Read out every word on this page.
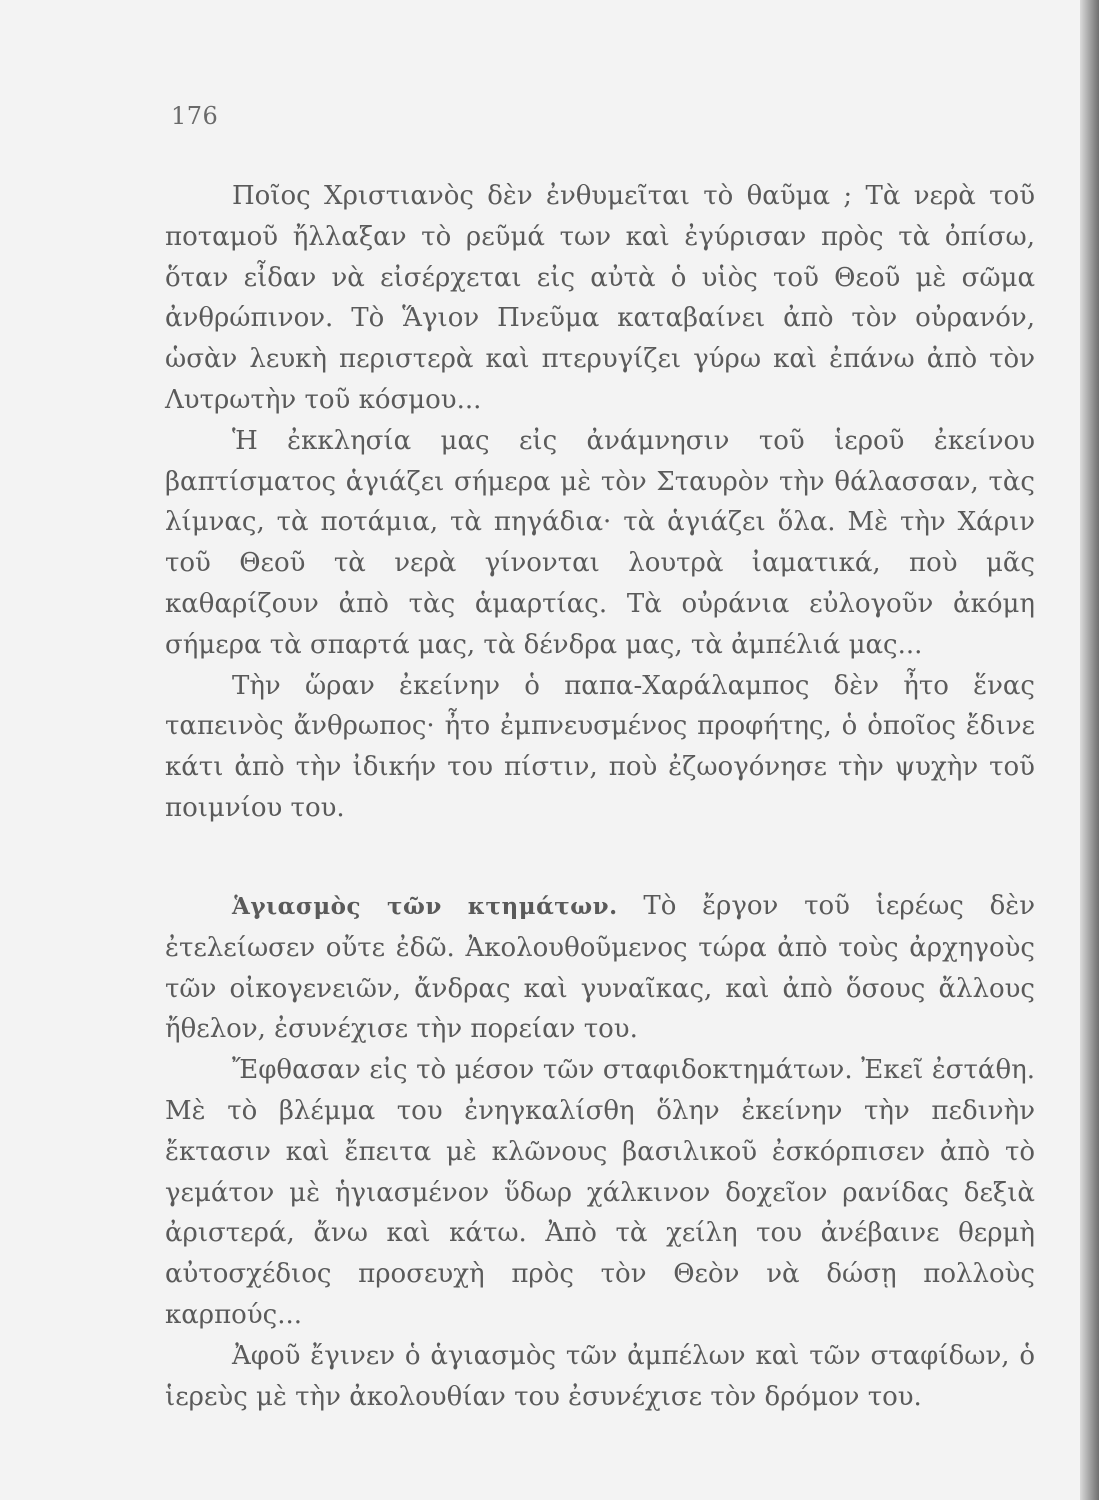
176

Ποῖος Χριστιανὸς δὲν ἐνθυμεῖται τὸ θαῦμα ; Τὰ νερὰ τοῦ ποταμοῦ ἤλλαξαν τὸ ρεῦμά των καὶ ἐγύρισαν πρὸς τὰ ὀπίσω, ὅταν εἶδαν νὰ εἰσέρχεται εἰς αὐτὰ ὁ υἱὸς τοῦ Θεοῦ μὲ σῶμα ἀνθρώπινον. Τὸ Ἅγιον Πνεῦμα καταβαίνει ἀπὸ τὸν οὐρανόν, ὡσὰν λευκὴ περιστερὰ καὶ πτερυγίζει γύρω καὶ ἐπάνω ἀπὸ τὸν Λυτρωτὴν τοῦ κόσμου...

Ἡ ἐκκλησία μας εἰς ἀνάμνησιν τοῦ ἱεροῦ ἐκείνου βαπτίσματος ἁγιάζει σήμερα μὲ τὸν Σταυρὸν τὴν θάλασσαν, τὰς λίμνας, τὰ ποτάμια, τὰ πηγάδια· τὰ ἁγιάζει ὅλα. Μὲ τὴν Χάριν τοῦ Θεοῦ τὰ νερὰ γίνονται λουτρὰ ἰαματικά, ποὺ μᾶς καθαρίζουν ἀπὸ τὰς ἁμαρτίας. Τὰ οὐράνια εὐλογοῦν ἀκόμη σήμερα τὰ σπαρτά μας, τὰ δένδρα μας, τὰ ἀμπέλιά μας...

Τὴν ὥραν ἐκείνην ὁ παπα-Χαράλαμπος δὲν ἦτο ἕνας ταπεινὸς ἄνθρωπος· ἦτο ἐμπνευσμένος προφήτης, ὁ ὁποῖος ἔδινε κάτι ἀπὸ τὴν ἰδικήν του πίστιν, ποὺ ἐζωογόνησε τὴν ψυχὴν τοῦ ποιμνίου του.

Ἁγιασμὸς τῶν κτημάτων. Τὸ ἔργον τοῦ ἱερέως δὲν ἐτελείωσεν οὔτε ἐδῶ. Ἀκολουθοῦμενος τώρα ἀπὸ τοὺς ἀρχηγοὺς τῶν οἰκογενειῶν, ἄνδρας καὶ γυναῖκας, καὶ ἀπὸ ὅσους ἄλλους ἤθελον, ἐσυνέχισε τὴν πορείαν του.

Ἔφθασαν εἰς τὸ μέσον τῶν σταφιδοκτημάτων. Ἐκεῖ ἐστάθη. Μὲ τὸ βλέμμα του ἐνηγκαλίσθη ὅλην ἐκείνην τὴν πεδινὴν ἔκτασιν καὶ ἔπειτα μὲ κλῶνους βασιλικοῦ ἐσκόρπισεν ἀπὸ τὸ γεμάτον μὲ ἡγιασμένον ὕδωρ χάλκινον δοχεῖον ρανίδας δεξιὰ ἀριστερά, ἄνω καὶ κάτω. Ἀπὸ τὰ χείλη του ἀνέβαινε θερμὴ αὐτοσχέδιος προσευχὴ πρὸς τὸν Θεὸν νὰ δώσῃ πολλοὺς καρπούς...

Ἀφοῦ ἔγινεν ὁ ἁγιασμὸς τῶν ἀμπέλων καὶ τῶν σταφίδων, ὁ ἱερεὺς μὲ τὴν ἀκολουθίαν του ἐσυνέχισε τὸν δρόμον του.
